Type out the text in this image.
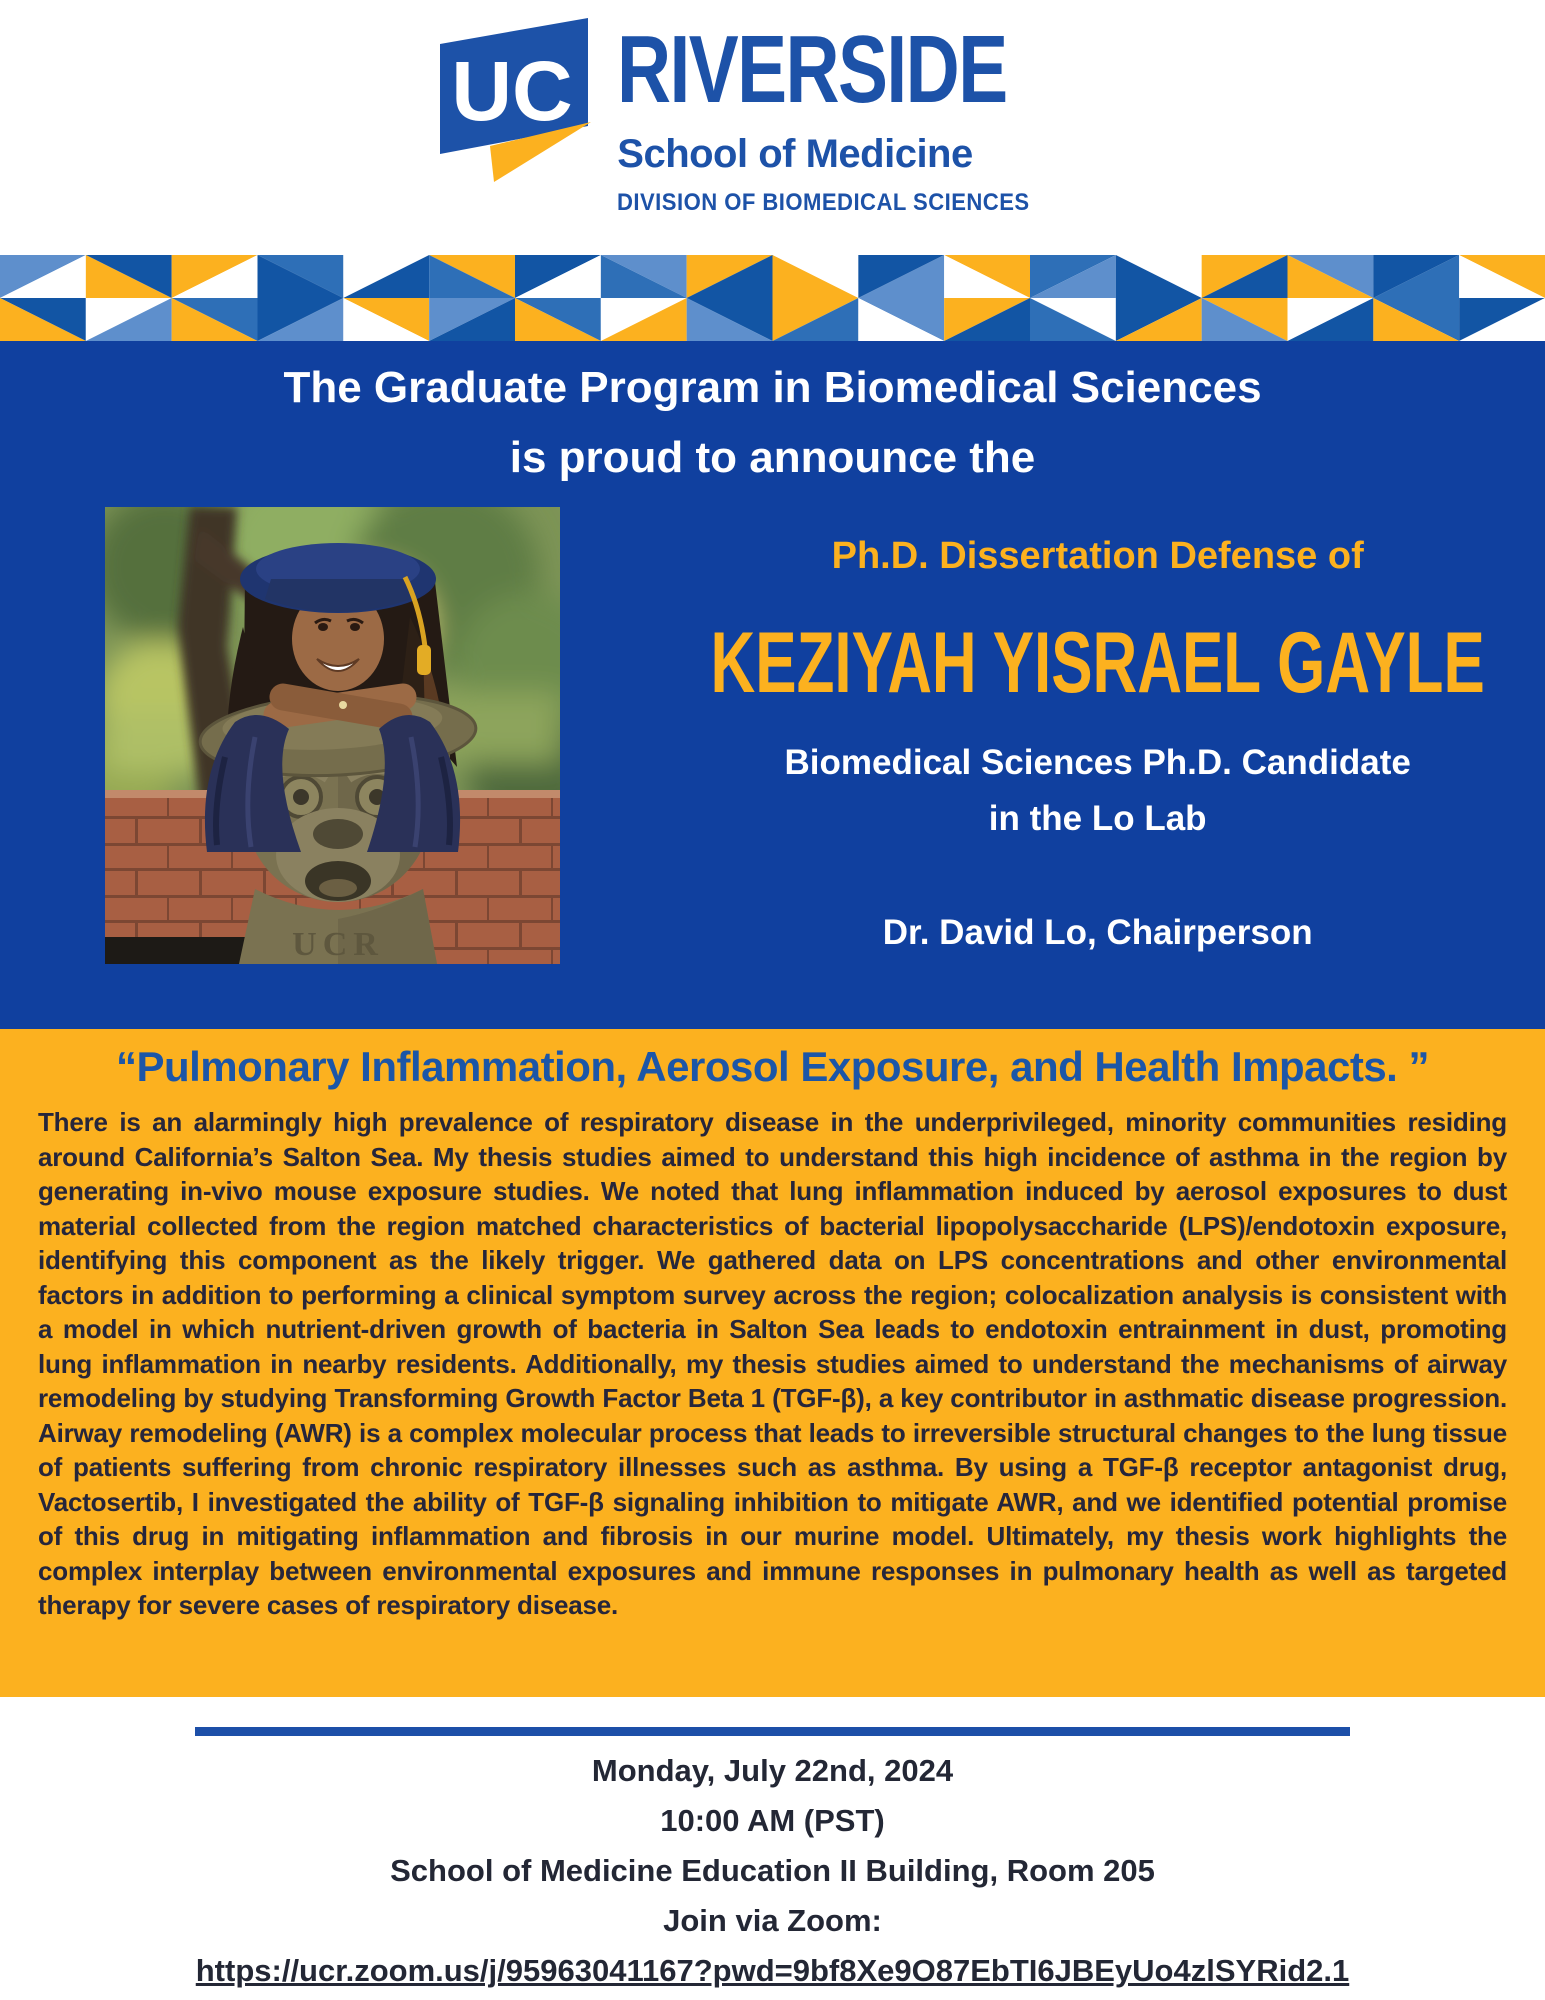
UC RIVERSIDE
School of Medicine
DIVISION OF BIOMEDICAL SCIENCES
The Graduate Program in Biomedical Sciences
is proud to announce the
UCR
Ph.D. Dissertation Defense of
KEZIYAH YISRAEL GAYLE
Biomedical Sciences Ph.D. Candidate
in the Lo Lab
Dr. David Lo, Chairperson
“Pulmonary Inflammation, Aerosol Exposure, and Health Impacts. ”
There is an alarmingly high prevalence of respiratory disease in the underprivileged, minority communities residing around California’s Salton Sea. My thesis studies aimed to understand this high incidence of asthma in the region by generating in-vivo mouse exposure studies. We noted that lung inflammation induced by aerosol exposures to dust material collected from the region matched characteristics of bacterial lipopolysaccharide (LPS)/endotoxin exposure, identifying this component as the likely trigger. We gathered data on LPS concentrations and other environmental factors in addition to performing a clinical symptom survey across the region; colocalization analysis is consistent with a model in which nutrient-driven growth of bacteria in Salton Sea leads to endotoxin entrainment in dust, promoting lung inflammation in nearby residents. Additionally, my thesis studies aimed to understand the mechanisms of airway remodeling by studying Transforming Growth Factor Beta 1 (TGF-β), a key contributor in asthmatic disease progression. Airway remodeling (AWR) is a complex molecular process that leads to irreversible structural changes to the lung tissue of patients suffering from chronic respiratory illnesses such as asthma. By using a TGF-β receptor antagonist drug, Vactosertib, I investigated the ability of TGF-β signaling inhibition to mitigate AWR, and we identified potential promise of this drug in mitigating inflammation and fibrosis in our murine model. Ultimately, my thesis work highlights the complex interplay between environmental exposures and immune responses in pulmonary health as well as targeted therapy for severe cases of respiratory disease.
Monday, July 22nd, 2024
10:00 AM (PST)
School of Medicine Education II Building, Room 205
Join via Zoom:
https://ucr.zoom.us/j/95963041167?pwd=9bf8Xe9O87EbTI6JBEyUo4zlSYRid2.1
